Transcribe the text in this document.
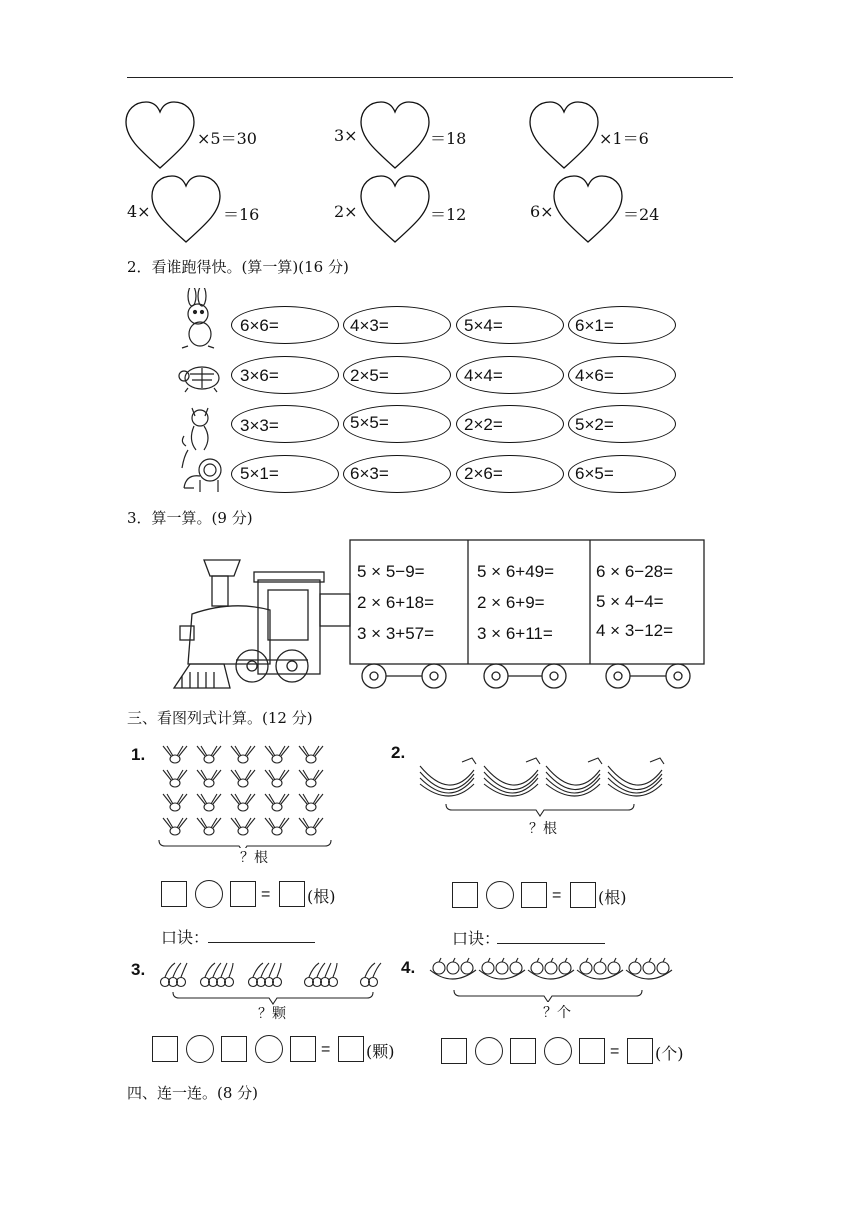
×5＝30	3×	＝18	×1＝6
4×	＝16	2×	＝12	6×	＝24
2．看谁跑得快。(算一算)(16 分)
6×6=	4×3=	5×4=	6×1=
3×6=	2×5=	4×4=	4×6=
3×3=	5×5=	2×2=	5×2=
5×1=	6×3=	2×6=	6×5=
3．算一算。(9 分)
5 × 5−9=
2 × 6+18=
3 × 3+57=
5 × 6+49=
2 × 6+9=
3 × 6+11=
6 × 6−28=
5 × 4−4=
4 × 3−12=
三、看图列式计算。(12 分)
1.
？根
= (根)
口诀：
2.
？根
= (根)
口诀：
3.
？颗
= (颗)
4.
？个
= (个)
四、连一连。(8 分)
